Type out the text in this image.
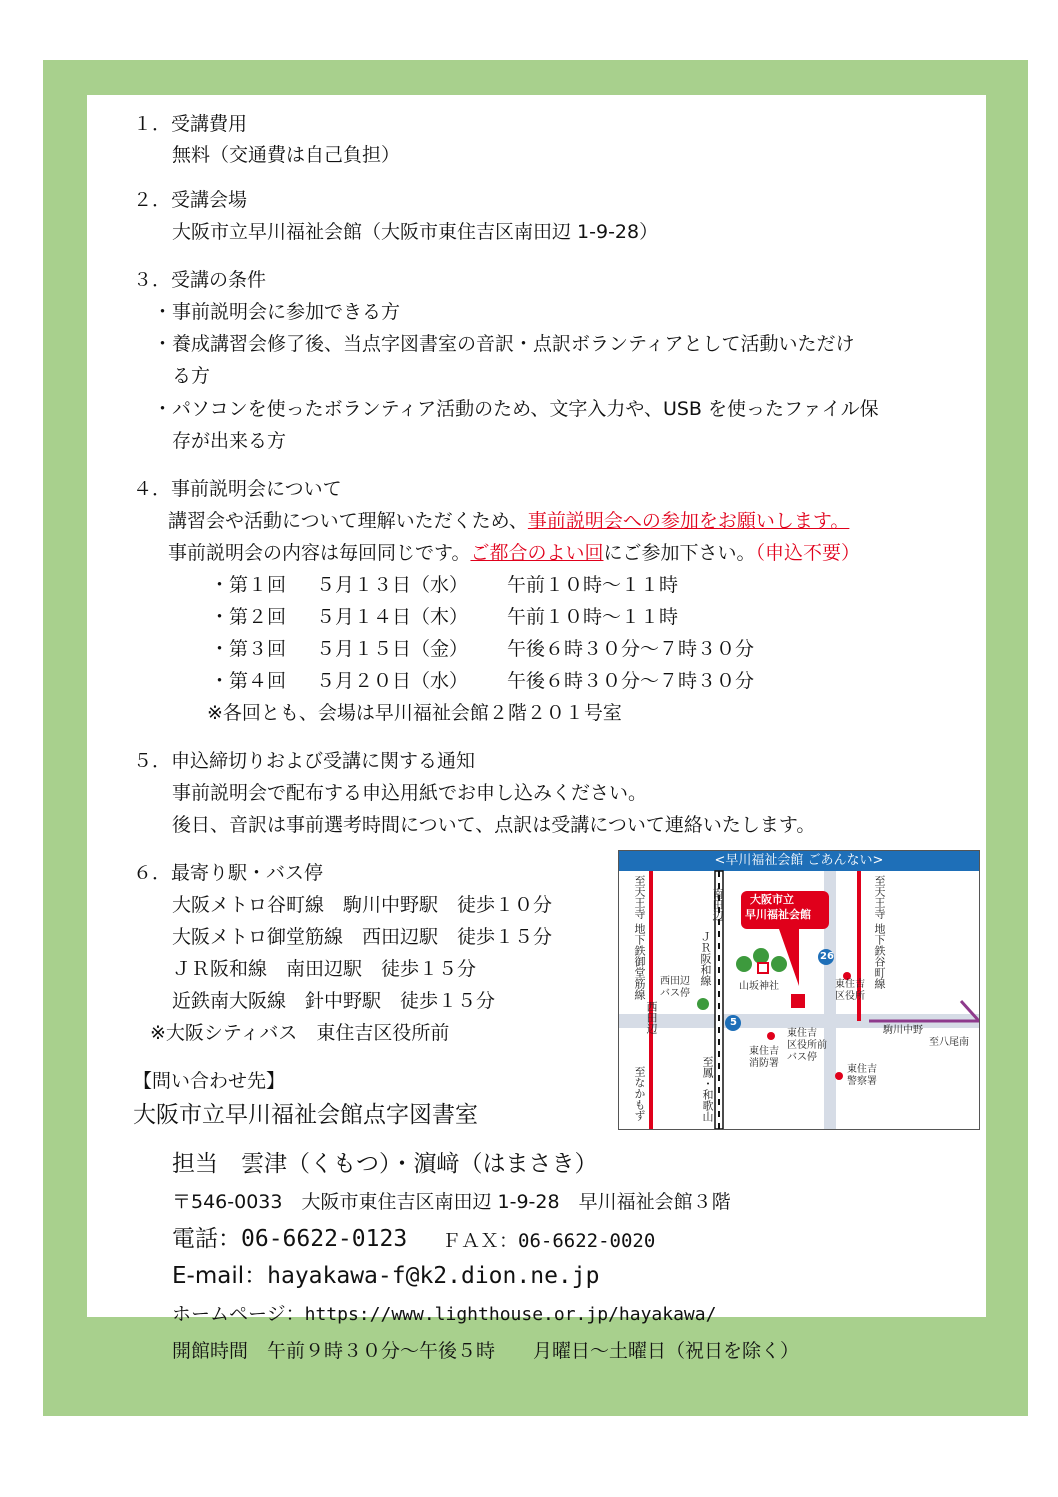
１．受講費用
無料（交通費は自己負担）
２．受講会場
大阪市立早川福祉会館（大阪市東住吉区南田辺 1-9-28）
３．受講の条件
・事前説明会に参加できる方
・養成講習会修了後、当点字図書室の音訳・点訳ボランティアとして活動いただけ
る方
・パソコンを使ったボランティア活動のため、文字入力や、USB を使ったファイル保
存が出来る方
４．事前説明会について
講習会や活動について理解いただくため、事前説明会への参加をお願いします。
事前説明会の内容は毎回同じです。ご都合のよい回にご参加下さい。（申込不要）
・第１回 ５月１３日（水） 午前１０時～１１時
・第２回 ５月１４日（木） 午前１０時～１１時
・第３回 ５月１５日（金） 午後６時３０分～７時３０分
・第４回 ５月２０日（水） 午後６時３０分～７時３０分
※各回とも、会場は早川福祉会館２階２０１号室
５．申込締切りおよび受講に関する通知
事前説明会で配布する申込用紙でお申し込みください。
後日、音訳は事前選考時間について、点訳は受講について連絡いたします。
６．最寄り駅・バス停
大阪メトロ谷町線　駒川中野駅　徒歩１０分
大阪メトロ御堂筋線　西田辺駅　徒歩１５分
ＪＲ阪和線　南田辺駅　徒歩１５分
近鉄南大阪線　針中野駅　徒歩１５分
※大阪シティバス　東住吉区役所前
【問い合わせ先】
大阪市立早川福祉会館点字図書室
担当　雲津（くもつ）・濵﨑（はまさき）
〒546-0033　大阪市東住吉区南田辺 1-9-28　早川福祉会館３階
電話：06-6622-0123 ＦＡＸ：06-6622-0020
E-mail：hayakawa-f@k2.dion.ne.jp
ホームページ：https://www.lighthouse.or.jp/hayakawa/
開館時間　午前９時３０分～午後５時　　月曜日～土曜日（祝日を除く）
<早川福祉会館 ごあんない>
大阪市立
早川福祉会館
至天王寺
地下鉄御堂筋線
至なかもず
西田辺
南田辺
ＪＲ阪和線
西田辺
バス停
山坂神社	東住吉
区役所
東住吉
消防署
東住吉
区役所前
バス停
東住吉
警察署
至天王寺
地下鉄谷町線
駒川中野
至八尾南
至鳳・和歌山
5
26
